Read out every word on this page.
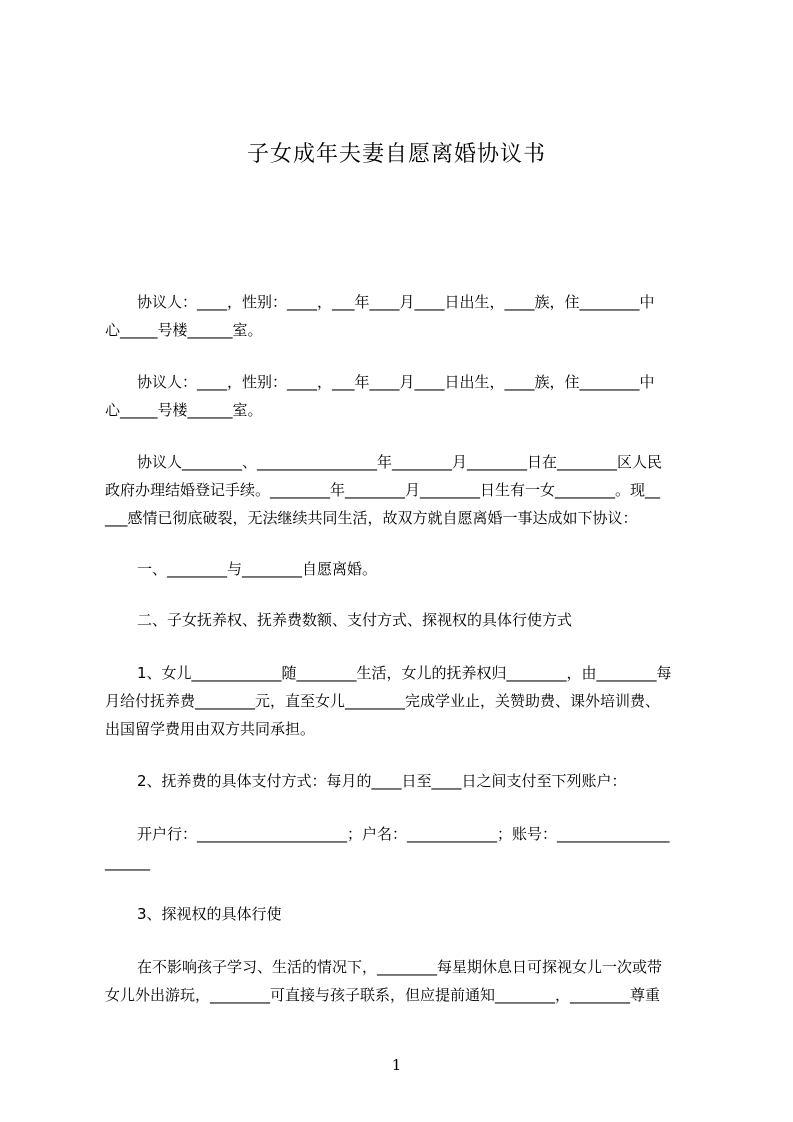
子女成年夫妻自愿离婚协议书
协议人：____，性别：____，___年____月____日出生，____族，住________中
心_____号楼______室。
协议人：____，性别：____，___年____月____日出生，____族，住________中
心_____号楼______室。
协议人________、________________年________月________日在________区人民
政府办理结婚登记手续。________年________月________日生有一女________。现__
___感情已彻底破裂，无法继续共同生活，故双方就自愿离婚一事达成如下协议：
一、________与________自愿离婚。
二、子女抚养权、抚养费数额、支付方式、探视权的具体行使方式
1、女儿____________随________生活，女儿的抚养权归________，由________每
月给付抚养费________元，直至女儿________完成学业止，关赞助费、课外培训费、
出国留学费用由双方共同承担。
2、抚养费的具体支付方式：每月的____日至____日之间支付至下列账户：
开户行：____________________；户名：____________；账号：_______________
______
3、探视权的具体行使
在不影响孩子学习、生活的情况下，________每星期休息日可探视女儿一次或带
女儿外出游玩，________可直接与孩子联系，但应提前通知________，________尊重
1
